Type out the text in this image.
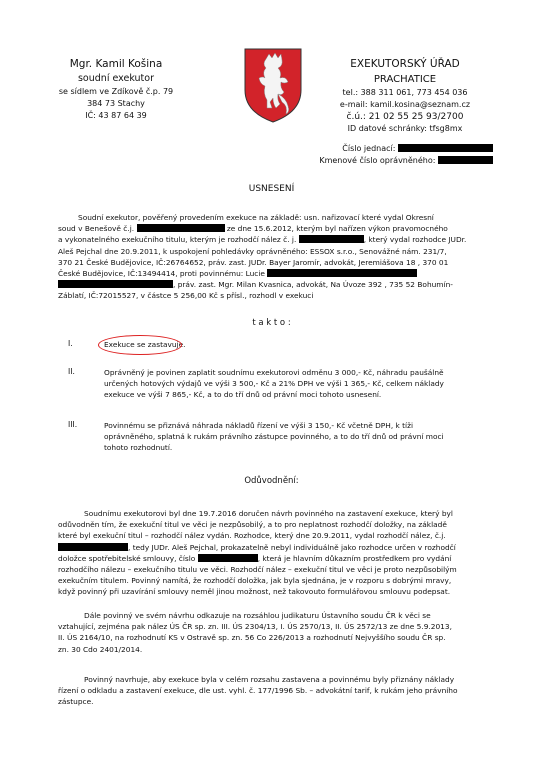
Mgr. Kamil Košina
soudní exekutor
se sídlem ve Zdíkově č.p. 79
384 73 Stachy
IČ: 43 87 64 39
EXEKUTORSKÝ ÚŘAD
PRACHATICE
tel.: 388 311 061, 773 454 036
e-mail: kamil.kosina@seznam.cz
č.ú.: 21 02 55 25 93/2700
ID datové schránky: tfsg8mx
Číslo jednací:
Kmenové číslo oprávněného:
USNESENÍ
Soudní exekutor, pověřený provedením exekuce na základě: usn. nařizovací které vydal Okresní
soud v Benešově č.j.	ze dne 15.6.2012, kterým byl nařízen výkon pravomocného
a vykonatelného exekučního titulu, kterým je rozhodčí nález č. j.	, který vydal rozhodce JUDr.
Aleš Pejchal dne 20.9.2011, k uspokojení pohledávky oprávněného: ESSOX s.r.o., Senovážné nám. 231/7,
370 21 České Budějovice, IČ:26764652, práv. zast. JUDr. Bayer Jaromír, advokát, Jeremiášova 18 , 370 01
České Budějovice, IČ:13494414, proti povinnému: Lucie
, práv. zast. Mgr. Milan Kvasnica, advokát, Na Úvoze 392 , 735 52 Bohumín-
Záblatí, IČ:72015527, v částce 5 256,00 Kč s přísl., rozhodl v exekuci
t a k t o :
I.	Exekuce se zastavuje.
II.	Oprávněný je povinen zaplatit soudnímu exekutorovi odměnu 3 000,- Kč, náhradu paušálně
určených hotových výdajů ve výši 3 500,- Kč a 21% DPH ve výši 1 365,- Kč, celkem náklady
exekuce ve výši 7 865,- Kč, a to do tří dnů od právní moci tohoto usnesení.
III.	Povinnému se přiznává náhrada nákladů řízení ve výši 3 150,- Kč včetně DPH, k tíži
oprávněného, splatná k rukám právního zástupce povinného, a to do tří dnů od právní moci
tohoto rozhodnutí.
Odůvodnění:
Soudnímu exekutorovi byl dne 19.7.2016 doručen návrh povinného na zastavení exekuce, který byl
odůvodněn tím, že exekuční titul ve věci je nezpůsobilý, a to pro neplatnost rozhodčí doložky, na základě
které byl exekuční titul – rozhodčí nález vydán. Rozhodce, který dne 20.9.2011, vydal rozhodčí nález, č.j.
, tedy JUDr. Aleš Pejchal, prokazatelně nebyl individuálně jako rozhodce určen v rozhodčí
doložce spotřebitelské smlouvy, číslo	, která je hlavním důkazním prostředkem pro vydání
rozhodčího nálezu – exekučního titulu ve věci. Rozhodčí nález – exekuční titul ve věci je proto nezpůsobilým
exekučním titulem. Povinný namítá, že rozhodčí doložka, jak byla sjednána, je v rozporu s dobrými mravy,
když povinný při uzavírání smlouvy neměl jinou možnost, než takovouto formulářovou smlouvu podepsat.
Dále povinný ve svém návrhu odkazuje na rozsáhlou judikaturu Ústavního soudu ČR k věci se
vztahující, zejména pak nález ÚS ČR sp. zn. III. ÚS 2304/13, I. ÚS 2570/13, II. ÚS 2572/13 ze dne 5.9.2013,
II. ÚS 2164/10, na rozhodnutí KS v Ostravě sp. zn. 56 Co 226/2013 a rozhodnutí Nejvyššího soudu ČR sp.
zn. 30 Cdo 2401/2014.
Povinný navrhuje, aby exekuce byla v celém rozsahu zastavena a povinnému byly přiznány náklady
řízení o odkladu a zastavení exekuce, dle ust. vyhl. č. 177/1996 Sb. – advokátní tarif, k rukám jeho právního
zástupce.
